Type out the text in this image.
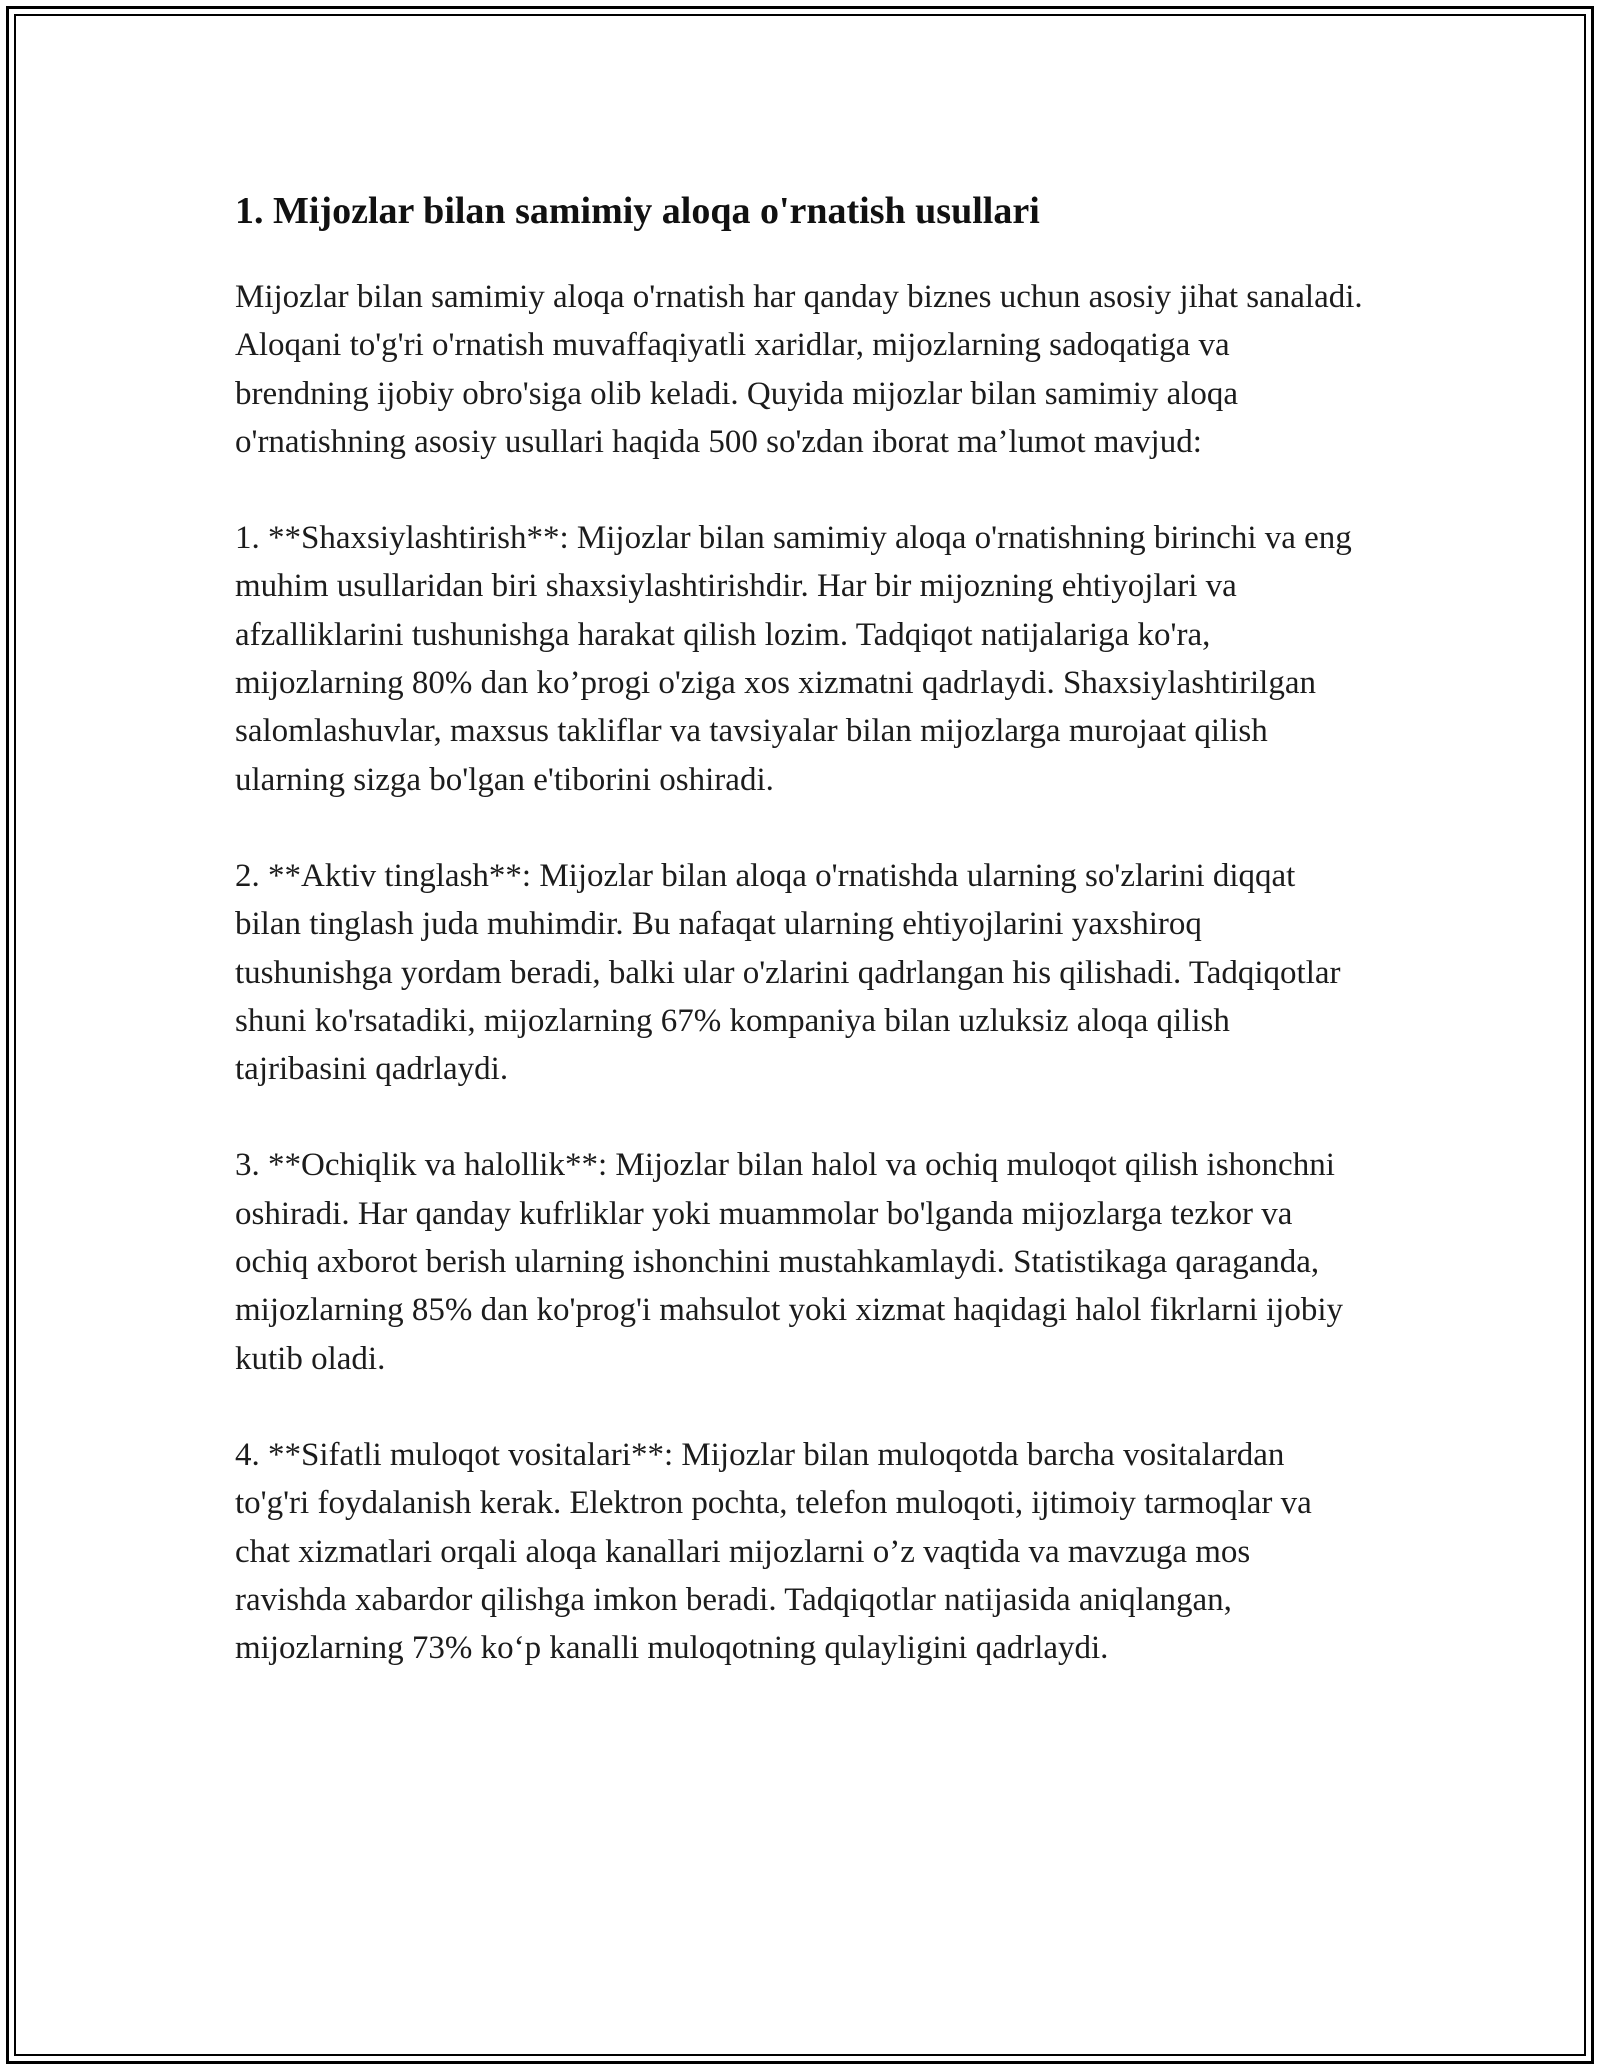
1. Mijozlar bilan samimiy aloqa o'rnatish usullari

Mijozlar bilan samimiy aloqa o'rnatish har qanday biznes uchun asosiy jihat sanaladi. Aloqani to'g'ri o'rnatish muvaffaqiyatli xaridlar, mijozlarning sadoqatiga va brendning ijobiy obro'siga olib keladi. Quyida mijozlar bilan samimiy aloqa o'rnatishning asosiy usullari haqida 500 so'zdan iborat ma’lumot mavjud:

1. **Shaxsiylashtirish**: Mijozlar bilan samimiy aloqa o'rnatishning birinchi va eng muhim usullaridan biri shaxsiylashtirishdir. Har bir mijozning ehtiyojlari va afzalliklarini tushunishga harakat qilish lozim. Tadqiqot natijalariga ko'ra, mijozlarning 80% dan ko’progi o'ziga xos xizmatni qadrlaydi. Shaxsiylashtirilgan salomlashuvlar, maxsus takliflar va tavsiyalar bilan mijozlarga murojaat qilish ularning sizga bo'lgan e'tiborini oshiradi.

2. **Aktiv tinglash**: Mijozlar bilan aloqa o'rnatishda ularning so'zlarini diqqat bilan tinglash juda muhimdir. Bu nafaqat ularning ehtiyojlarini yaxshiroq tushunishga yordam beradi, balki ular o'zlarini qadrlangan his qilishadi. Tadqiqotlar shuni ko'rsatadiki, mijozlarning 67% kompaniya bilan uzluksiz aloqa qilish tajribasini qadrlaydi.

3. **Ochiqlik va halollik**: Mijozlar bilan halol va ochiq muloqot qilish ishonchni oshiradi. Har qanday kufrliklar yoki muammolar bo'lganda mijozlarga tezkor va ochiq axborot berish ularning ishonchini mustahkamlaydi. Statistikaga qaraganda, mijozlarning 85% dan ko'prog'i mahsulot yoki xizmat haqidagi halol fikrlarni ijobiy kutib oladi.

4. **Sifatli muloqot vositalari**: Mijozlar bilan muloqotda barcha vositalardan to'g'ri foydalanish kerak. Elektron pochta, telefon muloqoti, ijtimoiy tarmoqlar va chat xizmatlari orqali aloqa kanallari mijozlarni o’z vaqtida va mavzuga mos ravishda xabardor qilishga imkon beradi. Tadqiqotlar natijasida aniqlangan, mijozlarning 73% ko‘p kanalli muloqotning qulayligini qadrlaydi.
